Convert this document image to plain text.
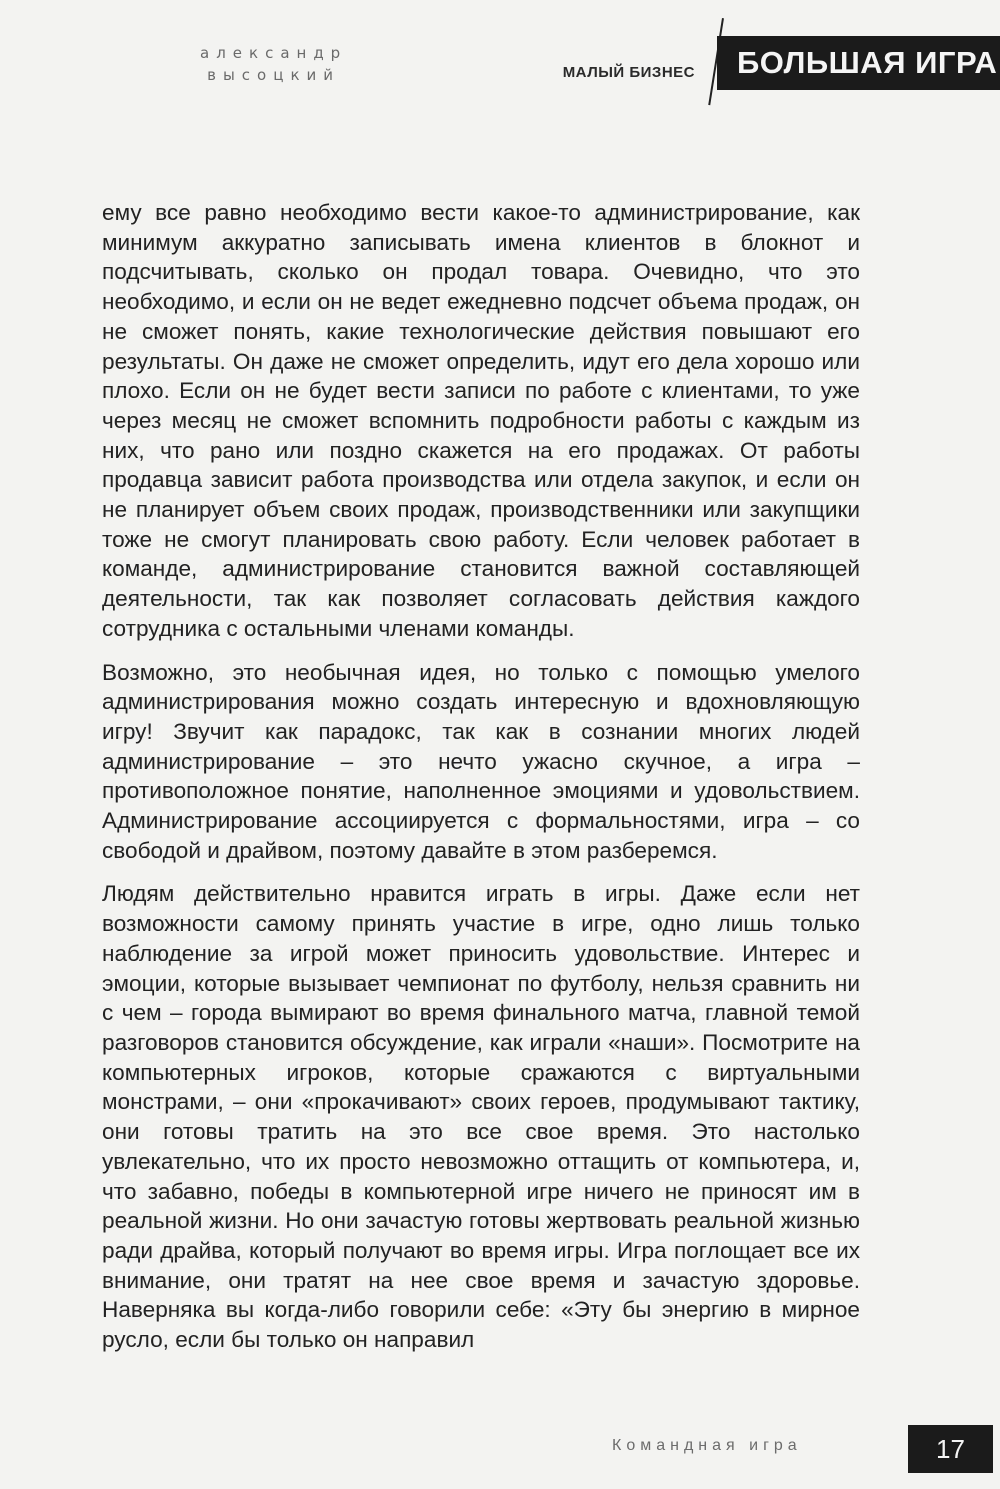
александр
высоцкий	МАЛЫЙ БИЗНЕС	БОЛЬШАЯ ИГРА

ему все равно необходимо вести какое-то администрирование, как минимум аккуратно записывать имена клиентов в блокнот и подсчитывать, сколько он продал товара. Очевидно, что это необходимо, и если он не ведет ежедневно подсчет объема продаж, он не сможет понять, какие технологические действия повышают его результаты. Он даже не сможет определить, идут его дела хорошо или плохо. Если он не будет вести записи по работе с клиентами, то уже через месяц не сможет вспомнить подробности работы с каждым из них, что рано или поздно скажется на его продажах. От работы продавца зависит работа производства или отдела закупок, и если он не планирует объем своих продаж, производственники или закупщики тоже не смогут планировать свою работу. Если человек работает в команде, администрирование становится важной составляющей деятельности, так как позволяет согласовать действия каждого сотрудника с остальными членами команды.

Возможно, это необычная идея, но только с помощью умелого администрирования можно создать интересную и вдохновляющую игру! Звучит как парадокс, так как в сознании многих людей администрирование – это нечто ужасно скучное, а игра – противоположное понятие, наполненное эмоциями и удовольствием. Администрирование ассоциируется с формальностями, игра – со свободой и драйвом, поэтому давайте в этом разберемся.

Людям действительно нравится играть в игры. Даже если нет возможности самому принять участие в игре, одно лишь только наблюдение за игрой может приносить удовольствие. Интерес и эмоции, которые вызывает чемпионат по футболу, нельзя сравнить ни с чем – города вымирают во время финального матча, главной темой разговоров становится обсуждение, как играли «наши». Посмотрите на компьютерных игроков, которые сражаются с виртуальными монстрами, – они «прокачивают» своих героев, продумывают тактику, они готовы тратить на это все свое время. Это настолько увлекательно, что их просто невозможно оттащить от компьютера, и, что забавно, победы в компьютерной игре ничего не приносят им в реальной жизни. Но они зачастую готовы жертвовать реальной жизнью ради драйва, который получают во время игры. Игра поглощает все их внимание, они тратят на нее свое время и зачастую здоровье. Наверняка вы когда-либо говорили себе: «Эту бы энергию в мирное русло, если бы только он направил

Командная игра	17
